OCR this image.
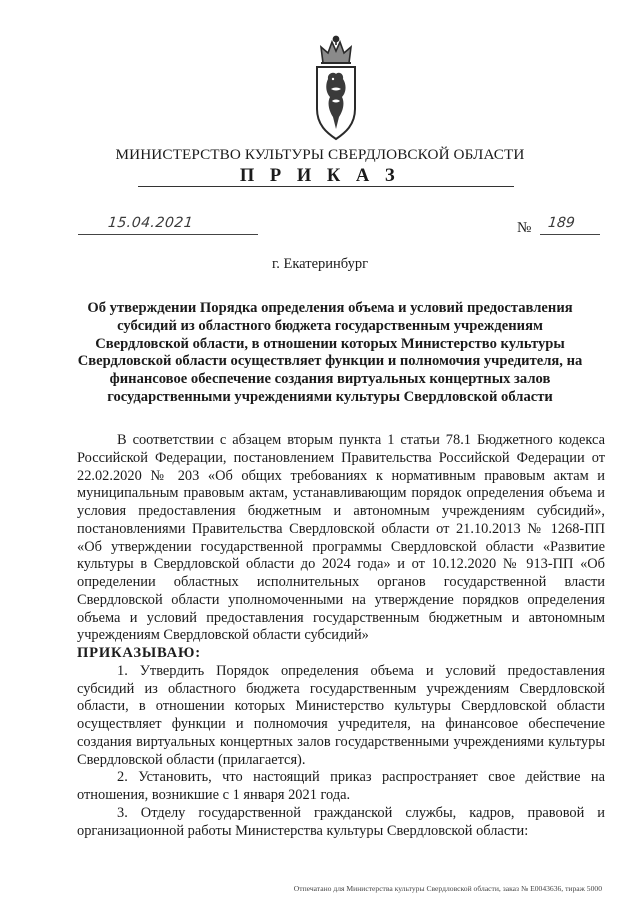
МИНИСТЕРСТВО КУЛЬТУРЫ СВЕРДЛОВСКОЙ ОБЛАСТИ
П Р И К А З
15.04.2021	№ 189
г. Екатеринбург

Об утверждении Порядка определения объема и условий предоставления субсидий из областного бюджета государственным учреждениям Свердловской области, в отношении которых Министерство культуры Свердловской области осуществляет функции и полномочия учредителя, на финансовое обеспечение создания виртуальных концертных залов государственными учреждениями культуры Свердловской области

В соответствии с абзацем вторым пункта 1 статьи 78.1 Бюджетного кодекса Российской Федерации, постановлением Правительства Российской Федерации от 22.02.2020 № 203 «Об общих требованиях к нормативным правовым актам и муниципальным правовым актам, устанавливающим порядок определения объема и условия предоставления бюджетным и автономным учреждениям субсидий», постановлениями Правительства Свердловской области от 21.10.2013 № 1268-ПП «Об утверждении государственной программы Свердловской области «Развитие культуры в Свердловской области до 2024 года» и от 10.12.2020 № 913-ПП «Об определении областных исполнительных органов государственной власти Свердловской области уполномоченными на утверждение порядков определения объема и условий предоставления государственным бюджетным и автономным учреждениям Свердловской области субсидий»

ПРИКАЗЫВАЮ:

1. Утвердить Порядок определения объема и условий предоставления субсидий из областного бюджета государственным учреждениям Свердловской области, в отношении которых Министерство культуры Свердловской области осуществляет функции и полномочия учредителя, на финансовое обеспечение создания виртуальных концертных залов государственными учреждениями культуры Свердловской области (прилагается).

2. Установить, что настоящий приказ распространяет свое действие на отношения, возникшие с 1 января 2021 года.

3. Отделу государственной гражданской службы, кадров, правовой и организационной работы Министерства культуры Свердловской области:

Отпечатано для Министерства культуры Свердловской области, заказ № Е0043636, тираж 5000
